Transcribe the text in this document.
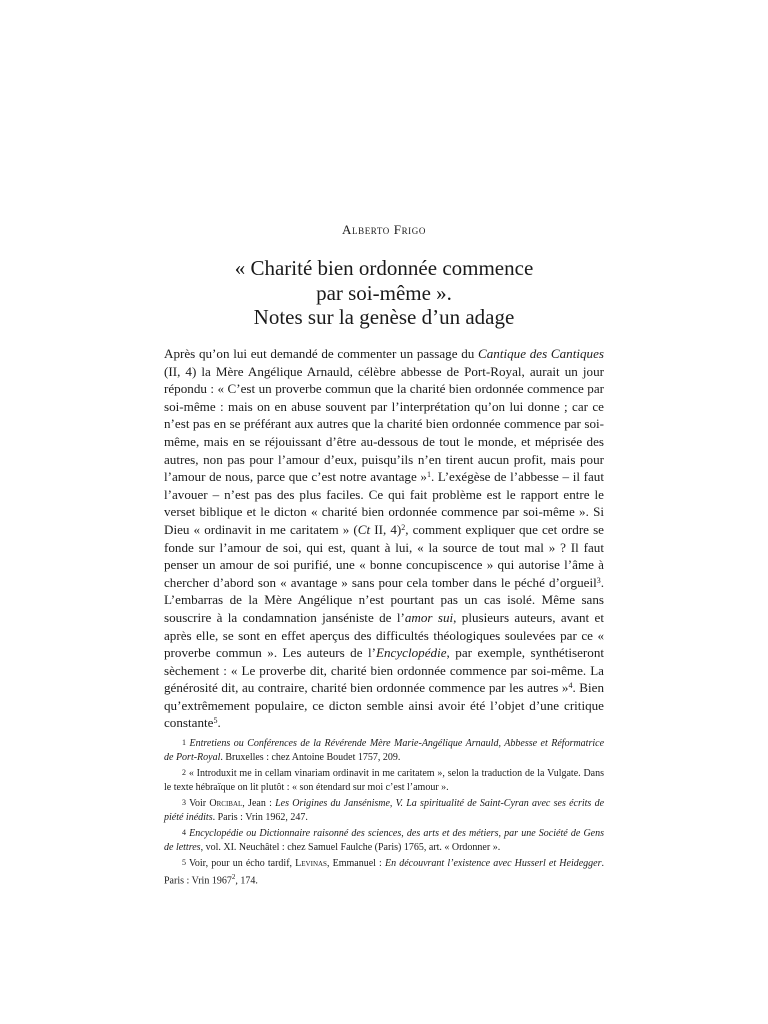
Alberto Frigo
« Charité bien ordonnée commence
par soi-même ».
Notes sur la genèse d’un adage

Après qu’on lui eut demandé de commenter un passage du Cantique des Cantiques (II, 4) la Mère Angélique Arnauld, célèbre abbesse de Port-Royal, aurait un jour répondu : « C’est un proverbe commun que la charité bien ordonnée commence par soi-même : mais on en abuse souvent par l’interprétation qu’on lui donne ; car ce n’est pas en se préférant aux autres que la charité bien ordonnée commence par soi-même, mais en se réjouissant d’être au-dessous de tout le monde, et méprisée des autres, non pas pour l’amour d’eux, puisqu’ils n’en tirent aucun profit, mais pour l’amour de nous, parce que c’est notre avantage »$^1$. L’exégèse de l’abbesse – il faut l’avouer – n’est pas des plus faciles. Ce qui fait problème est le rapport entre le verset biblique et le dicton « charité bien ordonnée commence par soi-même ». Si Dieu « ordinavit in me caritatem » (Ct II, 4)$^2$, comment expliquer que cet ordre se fonde sur l’amour de soi, qui est, quant à lui, « la source de tout mal » ? Il faut penser un amour de soi purifié, une « bonne concupiscence » qui autorise l’âme à chercher d’abord son « avantage » sans pour cela tomber dans le péché d’orgueil$^3$. L’embarras de la Mère Angélique n’est pourtant pas un cas isolé. Même sans souscrire à la condamnation janséniste de l’amor sui, plusieurs auteurs, avant et après elle, se sont en effet aperçus des difficultés théologiques soulevées par ce « proverbe commun ». Les auteurs de l’Encyclopédie, par exemple, synthétiseront sèchement : « Le proverbe dit, charité bien ordonnée commence par soi-même. La générosité dit, au contraire, charité bien ordonnée commence par les autres »$^4$. Bien qu’extrêmement populaire, ce dicton semble ainsi avoir été l’objet d’une critique constante$^5$.

1 Entretiens ou Conférences de la Révérende Mère Marie-Angélique Arnauld, Abbesse et Réformatrice de Port-Royal. Bruxelles : chez Antoine Boudet 1757, 209.

2 « Introduxit me in cellam vinariam ordinavit in me caritatem », selon la traduction de la Vulgate. Dans le texte hébraïque on lit plutôt : « son étendard sur moi c’est l’amour ».

3 Voir Orcibal, Jean : Les Origines du Jansénisme, V. La spiritualité de Saint-Cyran avec ses écrits de piété inédits. Paris : Vrin 1962, 247.

4 Encyclopédie ou Dictionnaire raisonné des sciences, des arts et des métiers, par une Société de Gens de lettres, vol. XI. Neuchâtel : chez Samuel Faulche (Paris) 1765, art. « Ordonner ».

5 Voir, pour un écho tardif, Levinas, Emmanuel : En découvrant l’existence avec Husserl et Heidegger. Paris : Vrin 1967$^2$, 174.
